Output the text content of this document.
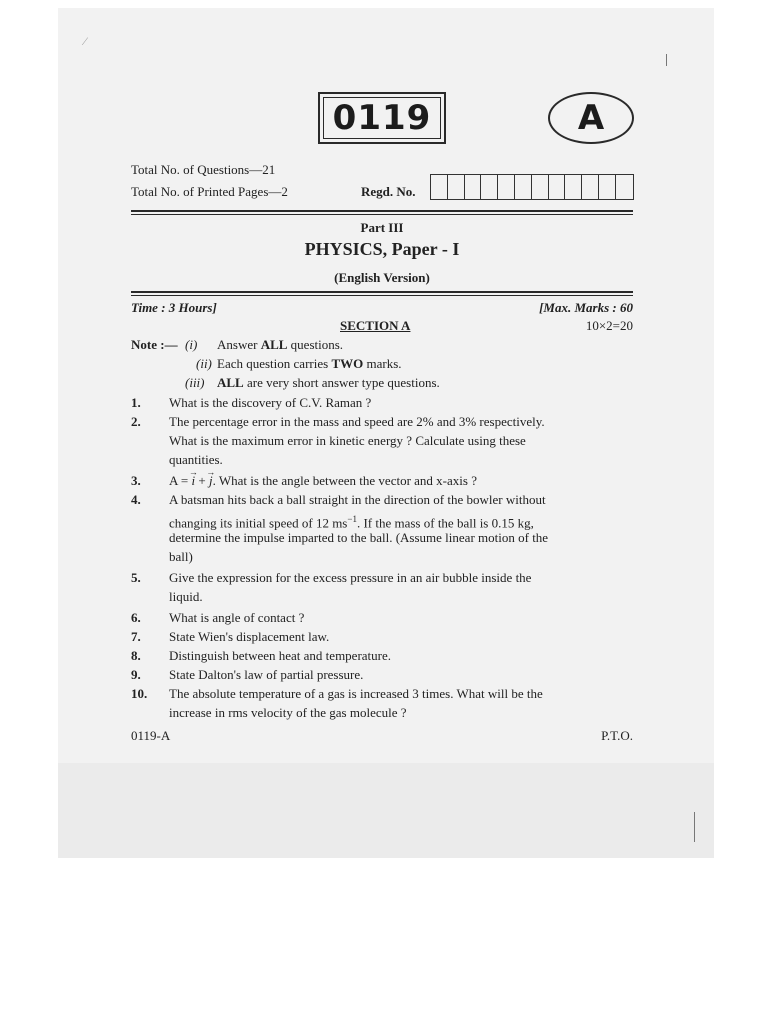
⁄
0119	A
Total No. of Questions—21
Total No. of Printed Pages—2	Regd. No.
Part III
PHYSICS, Paper - I
(English Version)
Time : 3 Hours]	[Max. Marks : 60
SECTION A	10×2=20
Note :— (i) Answer ALL questions.
(ii) Each question carries TWO marks.
(iii) ALL are very short answer type questions.
1. What is the discovery of C.V. Raman ?
2. The percentage error in the mass and speed are 2% and 3% respectively.
What is the maximum error in kinetic energy ? Calculate using these
quantities.
3. A = → i + → j. What is the angle between the vector and x-axis ?
4. A batsman hits back a ball straight in the direction of the bowler without
changing its initial speed of 12 $ms^{-1}$. If the mass of the ball is 0.15 kg,
determine the impulse imparted to the ball. (Assume linear motion of the
ball)
5. Give the expression for the excess pressure in an air bubble inside the
liquid.
6. What is angle of contact ?
7. State Wien's displacement law.
8. Distinguish between heat and temperature.
9. State Dalton's law of partial pressure.
10. The absolute temperature of a gas is increased 3 times. What will be the
increase in rms velocity of the gas molecule ?
0119-A	P.T.O.
